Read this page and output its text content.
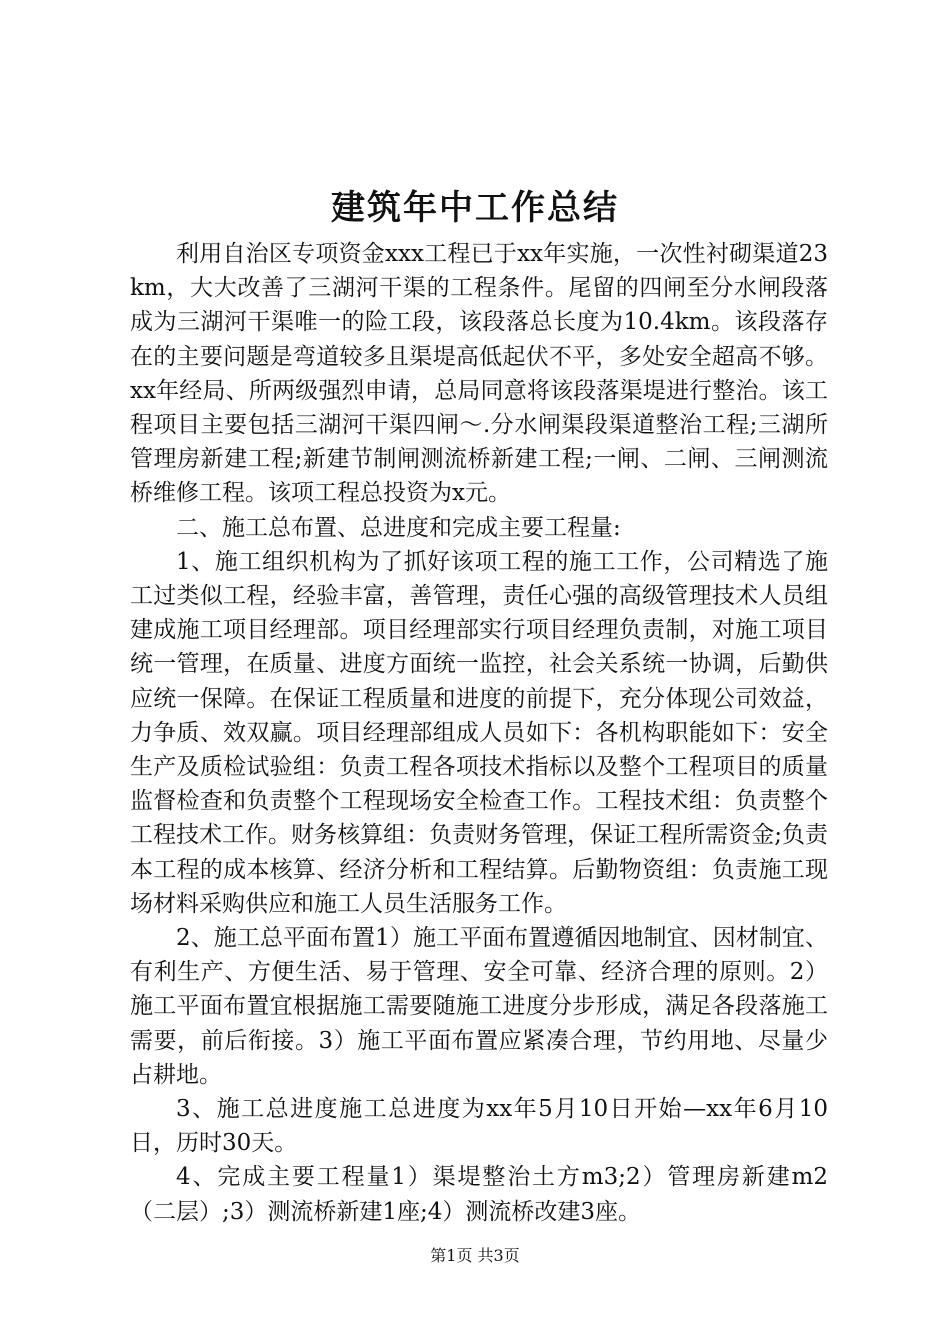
建筑年中工作总结

利用自治区专项资金xxx工程已于xx年实施，一次性衬砌渠道23km，大大改善了三湖河干渠的工程条件。尾留的四闸至分水闸段落成为三湖河干渠唯一的险工段，该段落总长度为10.4km。该段落存在的主要问题是弯道较多且渠堤高低起伏不平，多处安全超高不够。xx年经局、所两级强烈申请，总局同意将该段落渠堤进行整治。该工程项目主要包括三湖河干渠四闸～.分水闸渠段渠道整治工程;三湖所管理房新建工程;新建节制闸测流桥新建工程;一闸、二闸、三闸测流桥维修工程。该项工程总投资为x元。

二、施工总布置、总进度和完成主要工程量:

1、施工组织机构为了抓好该项工程的施工工作，公司精选了施工过类似工程，经验丰富，善管理，责任心强的高级管理技术人员组建成施工项目经理部。项目经理部实行项目经理负责制，对施工项目统一管理，在质量、进度方面统一监控，社会关系统一协调，后勤供应统一保障。在保证工程质量和进度的前提下，充分体现公司效益，力争质、效双赢。项目经理部组成人员如下：各机构职能如下：安全生产及质检试验组：负责工程各项技术指标以及整个工程项目的质量监督检查和负责整个工程现场安全检查工作。工程技术组：负责整个工程技术工作。财务核算组：负责财务管理，保证工程所需资金;负责本工程的成本核算、经济分析和工程结算。后勤物资组：负责施工现场材料采购供应和施工人员生活服务工作。

2、施工总平面布置1）施工平面布置遵循因地制宜、因材制宜、有利生产、方便生活、易于管理、安全可靠、经济合理的原则。2）施工平面布置宜根据施工需要随施工进度分步形成，满足各段落施工需要，前后衔接。3）施工平面布置应紧凑合理，节约用地、尽量少占耕地。

3、施工总进度施工总进度为xx年5月10日开始—xx年6月10日，历时30天。

4、完成主要工程量1）渠堤整治土方m3;2）管理房新建m2（二层）;3）测流桥新建1座;4）测流桥改建3座。

第1页 共3页
